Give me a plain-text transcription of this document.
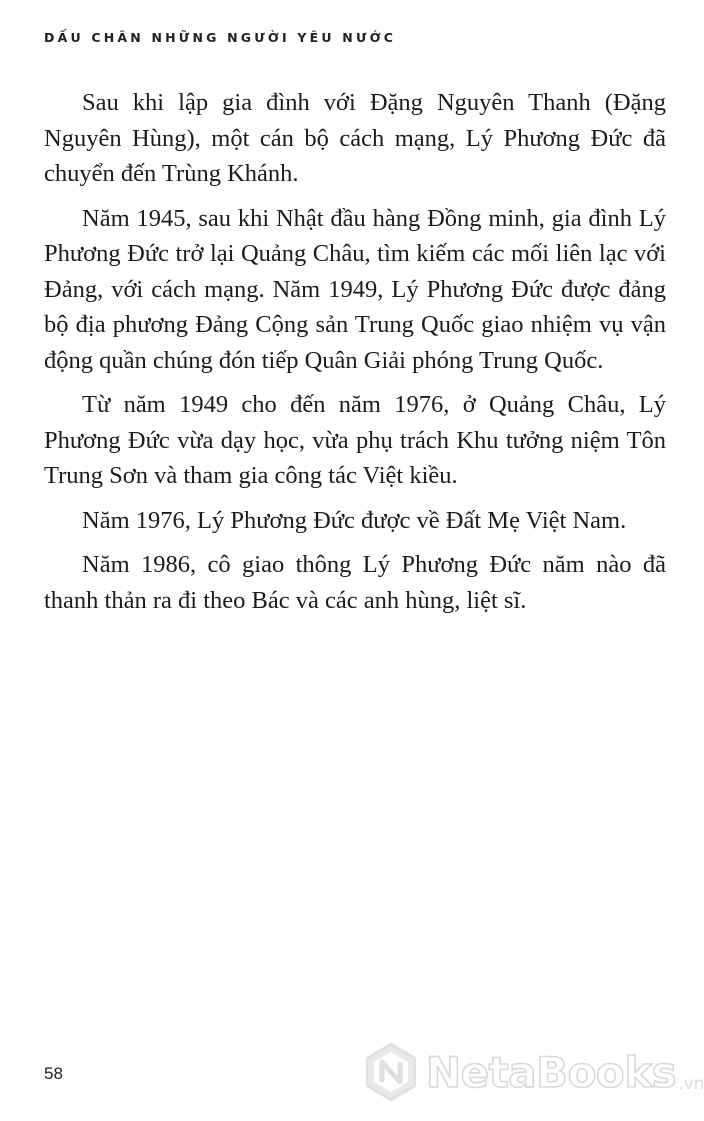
DẤU CHÂN NHỮNG NGƯỜI YÊU NƯỚC

Sau khi lập gia đình với Đặng Nguyên Thanh (Đặng Nguyên Hùng), một cán bộ cách mạng, Lý Phương Đức đã chuyển đến Trùng Khánh.

Năm 1945, sau khi Nhật đầu hàng Đồng minh, gia đình Lý Phương Đức trở lại Quảng Châu, tìm kiếm các mối liên lạc với Đảng, với cách mạng. Năm 1949, Lý Phương Đức được đảng bộ địa phương Đảng Cộng sản Trung Quốc giao nhiệm vụ vận động quần chúng đón tiếp Quân Giải phóng Trung Quốc.

Từ năm 1949 cho đến năm 1976, ở Quảng Châu, Lý Phương Đức vừa dạy học, vừa phụ trách Khu tưởng niệm Tôn Trung Sơn và tham gia công tác Việt kiều.

Năm 1976, Lý Phương Đức được về Đất Mẹ Việt Nam.

Năm 1986, cô giao thông Lý Phương Đức năm nào đã thanh thản ra đi theo Bác và các anh hùng, liệt sĩ.

58	NetaBooks .vn
